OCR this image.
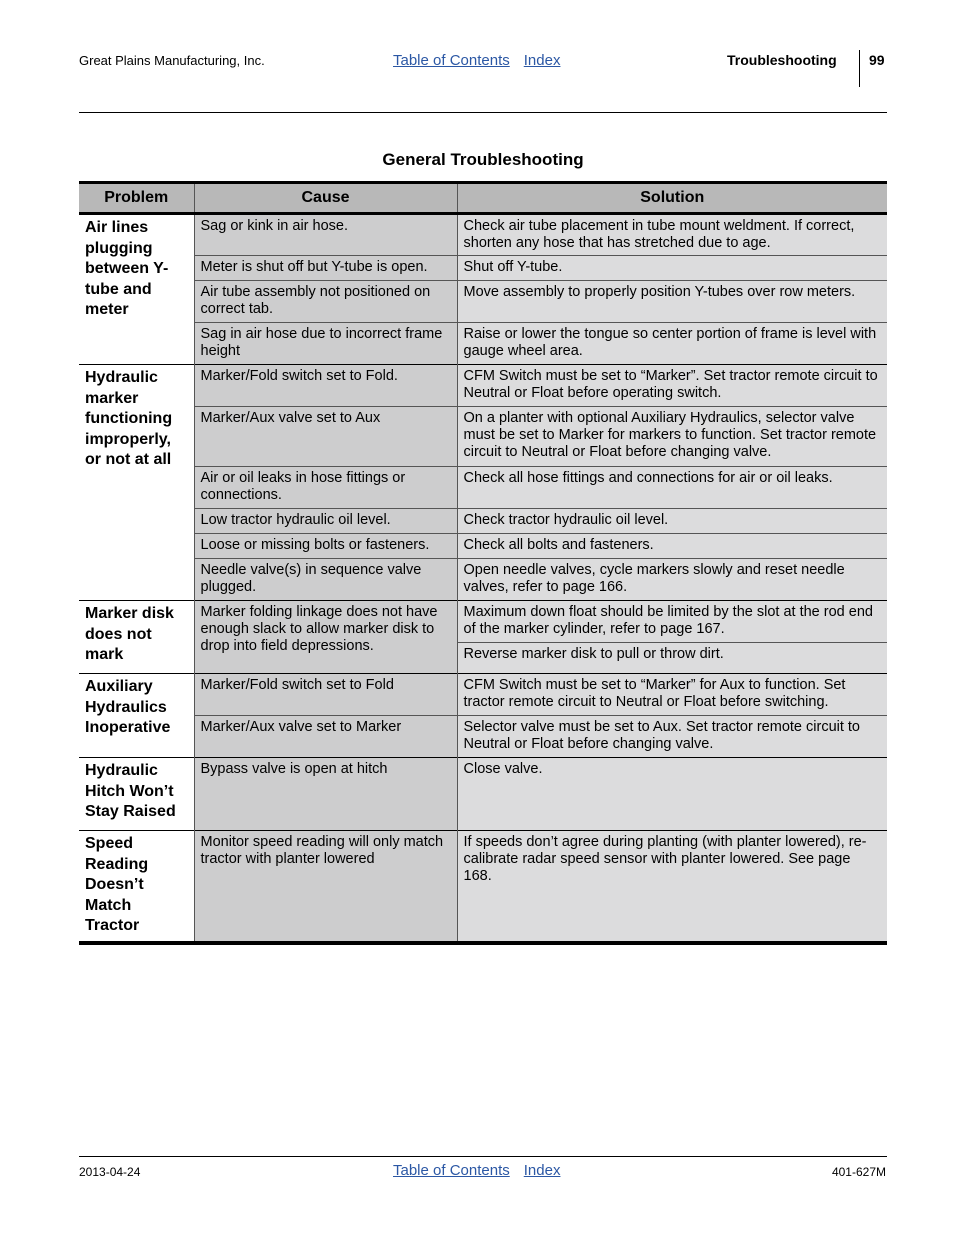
Great Plains Manufacturing, Inc.	Table of Contents Index	Troubleshooting 99
General Troubleshooting
Problem	Cause	Solution
Air lines plugging between Y-tube and meter	Sag or kink in air hose.	Check air tube placement in tube mount weldment. If correct, shorten any hose that has stretched due to age.
	Meter is shut off but Y-tube is open.	Shut off Y-tube.
	Air tube assembly not positioned on correct tab.	Move assembly to properly position Y-tubes over row meters.
	Sag in air hose due to incorrect frame height	Raise or lower the tongue so center portion of frame is level with gauge wheel area.
Hydraulic marker functioning improperly, or not at all	Marker/Fold switch set to Fold.	CFM Switch must be set to “Marker”. Set tractor remote circuit to Neutral or Float before operating switch.
	Marker/Aux valve set to Aux	On a planter with optional Auxiliary Hydraulics, selector valve must be set to Marker for markers to function. Set tractor remote circuit to Neutral or Float before changing valve.
	Air or oil leaks in hose fittings or connections.	Check all hose fittings and connections for air or oil leaks.
	Low tractor hydraulic oil level.	Check tractor hydraulic oil level.
	Loose or missing bolts or fasteners.	Check all bolts and fasteners.
	Needle valve(s) in sequence valve plugged.	Open needle valves, cycle markers slowly and reset needle valves, refer to page 166.
Marker disk does not mark	Marker folding linkage does not have enough slack to allow marker disk to drop into field depressions.	Maximum down float should be limited by the slot at the rod end of the marker cylinder, refer to page 167.
		Reverse marker disk to pull or throw dirt.
Auxiliary Hydraulics Inoperative	Marker/Fold switch set to Fold	CFM Switch must be set to “Marker” for Aux to function. Set tractor remote circuit to Neutral or Float before switching.
	Marker/Aux valve set to Marker	Selector valve must be set to Aux. Set tractor remote circuit to Neutral or Float before changing valve.
Hydraulic Hitch Won’t Stay Raised	Bypass valve is open at hitch	Close valve.
Speed Reading Doesn’t Match Tractor	Monitor speed reading will only match tractor with planter lowered	If speeds don’t agree during planting (with planter lowered), re-calibrate radar speed sensor with planter lowered. See page 168.
2013-04-24	Table of Contents Index	401-627M
